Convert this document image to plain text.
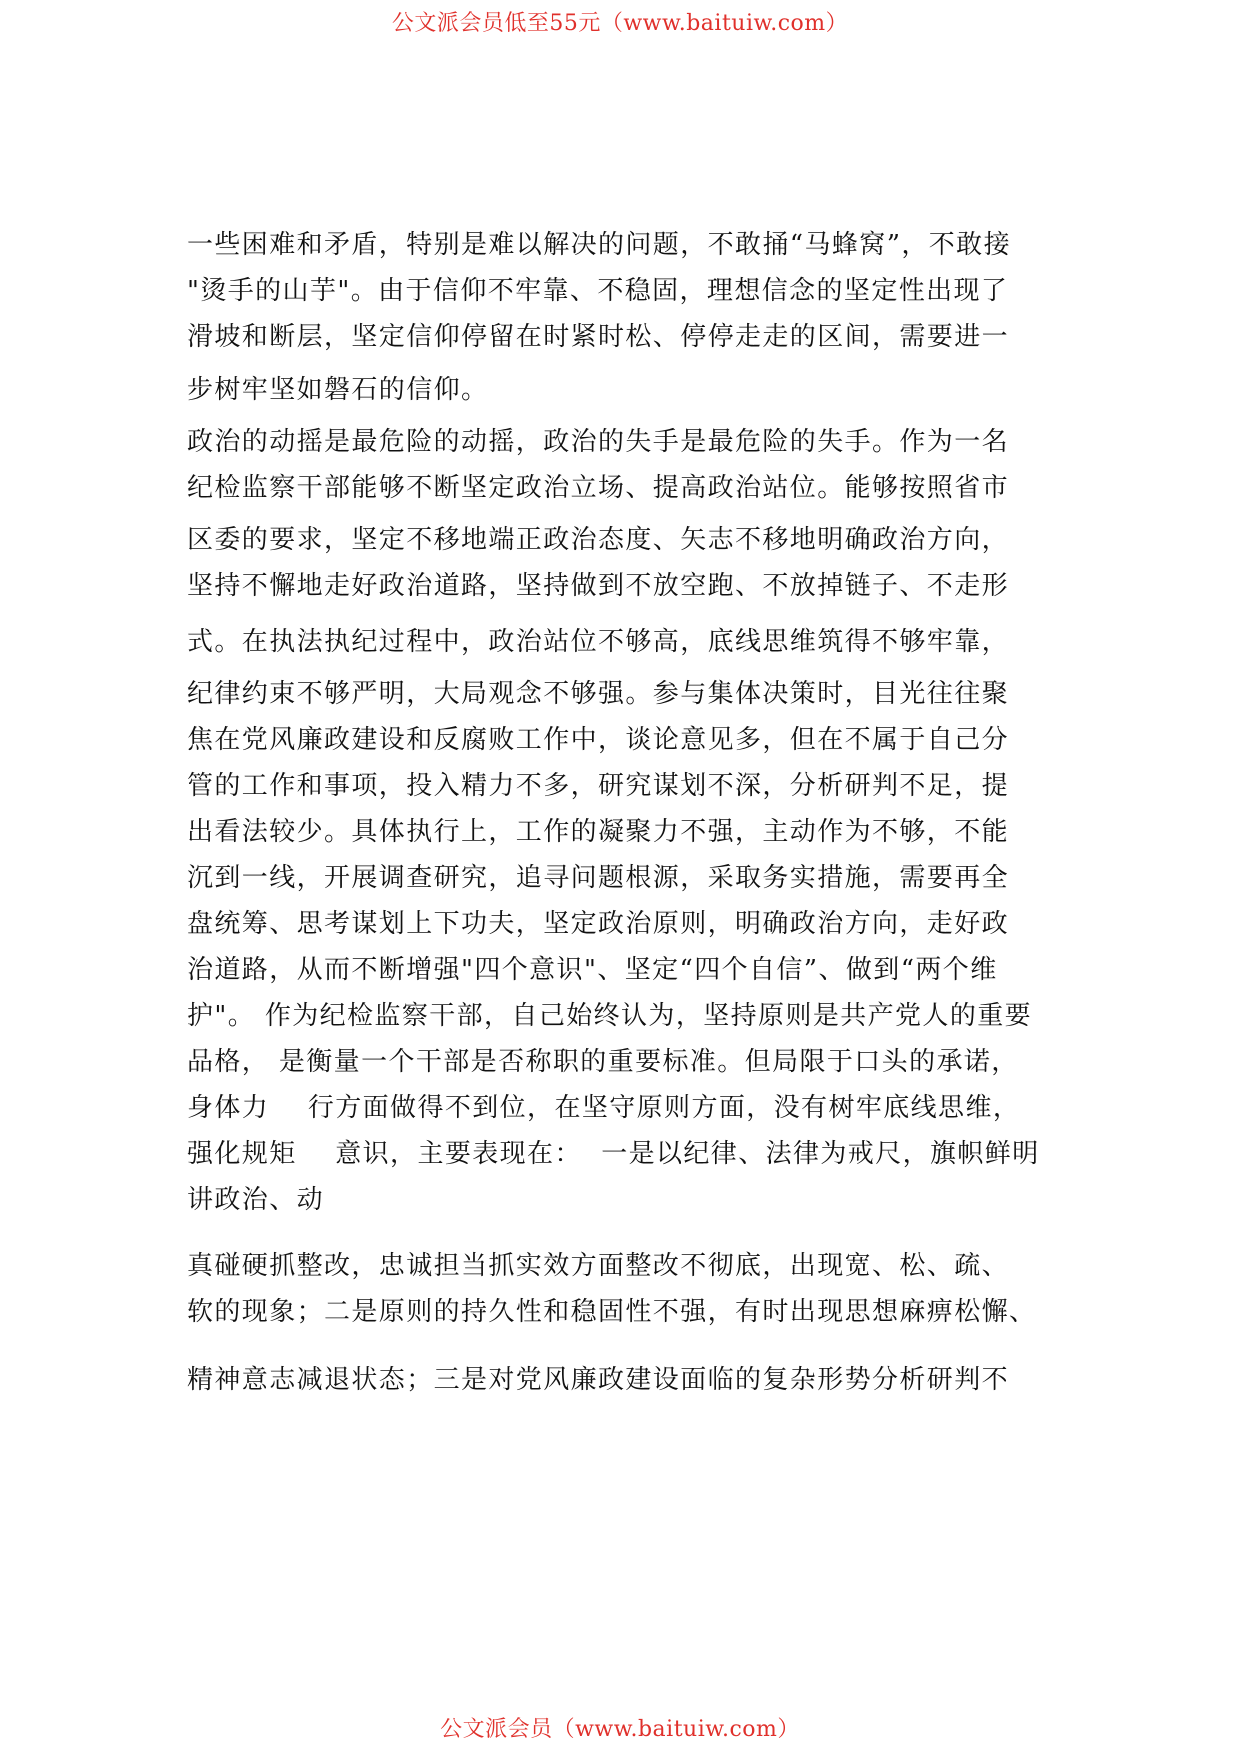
公文派会员低至55元（www.baituiw.com）
一些困难和矛盾，特别是难以解决的问题，不敢捅“马蜂窝”，不敢接
"烫手的山芋"。由于信仰不牢靠、不稳固，理想信念的坚定性出现了
滑坡和断层，坚定信仰停留在时紧时松、停停走走的区间，需要进一
步树牢坚如磐石的信仰。
政治的动摇是最危险的动摇，政治的失手是最危险的失手。作为一名
纪检监察干部能够不断坚定政治立场、提高政治站位。能够按照省市
区委的要求，坚定不移地端正政治态度、矢志不移地明确政治方向，
坚持不懈地走好政治道路，坚持做到不放空跑、不放掉链子、不走形
式。在执法执纪过程中，政治站位不够高，底线思维筑得不够牢靠，
纪律约束不够严明，大局观念不够强。参与集体决策时，目光往往聚
焦在党风廉政建设和反腐败工作中，谈论意见多，但在不属于自己分
管的工作和事项，投入精力不多，研究谋划不深，分析研判不足，提
出看法较少。具体执行上，工作的凝聚力不强，主动作为不够，不能
沉到一线，开展调查研究，追寻问题根源，采取务实措施，需要再全
盘统筹、思考谋划上下功夫，坚定政治原则，明确政治方向，走好政
治道路，从而不断增强"四个意识"、坚定“四个自信”、做到“两个维
护"。 作为纪检监察干部，自己始终认为，坚持原则是共产党人的重要
品格， 是衡量一个干部是否称职的重要标准。但局限于口头的承诺，
身体力    行方面做得不到位，在坚守原则方面，没有树牢底线思维，
强化规矩    意识，主要表现在：  一是以纪律、法律为戒尺，旗帜鲜明
讲政治、动
真碰硬抓整改，忠诚担当抓实效方面整改不彻底，出现宽、松、疏、
软的现象；二是原则的持久性和稳固性不强，有时出现思想麻痹松懈、
精神意志减退状态；三是对党风廉政建设面临的复杂形势分析研判不
公文派会员（www.baituiw.com）
